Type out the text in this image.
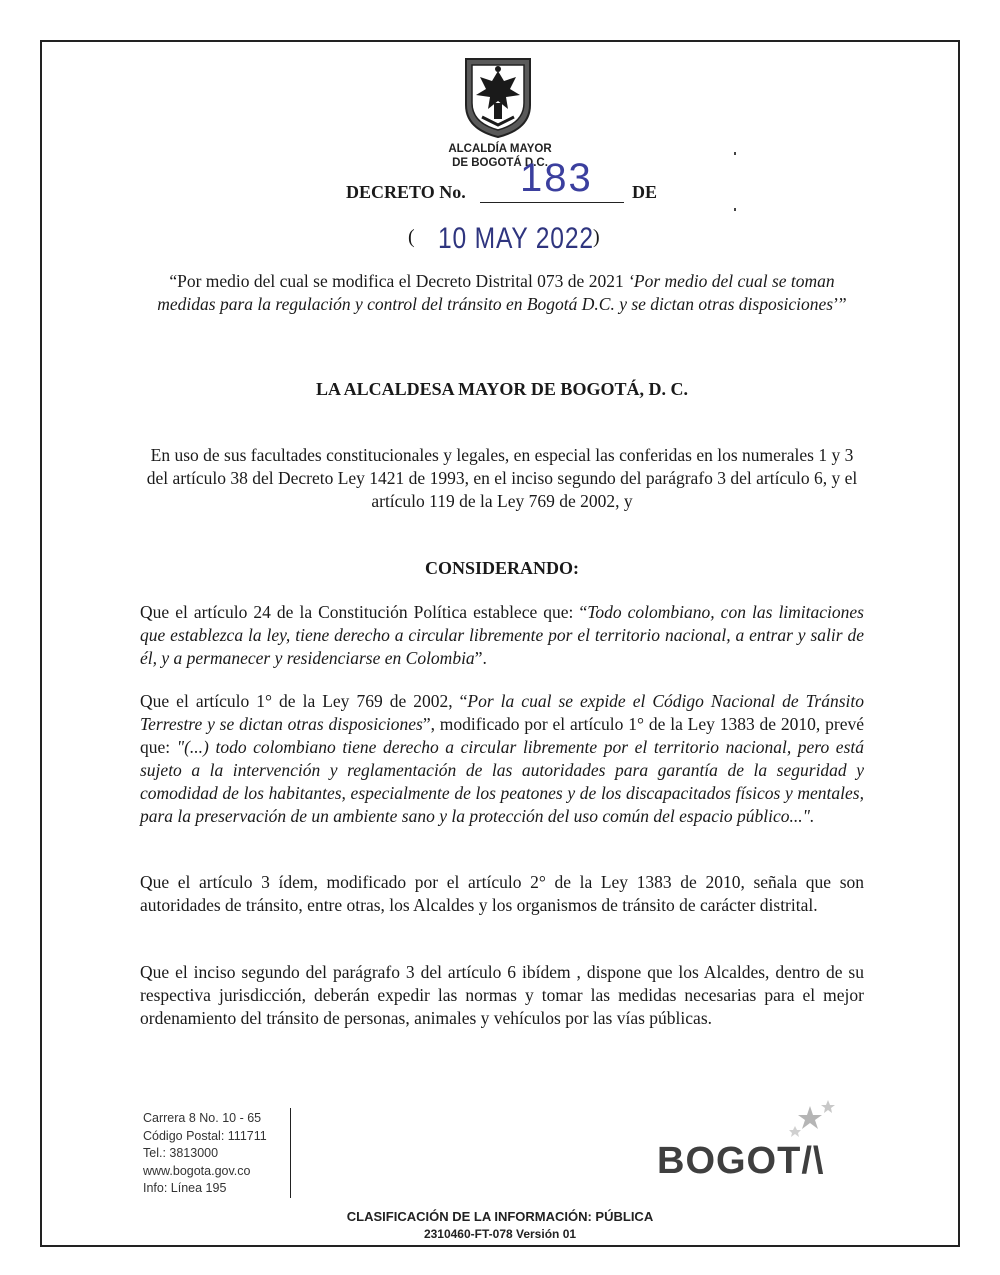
ALCALDÍA MAYOR
DE BOGOTÁ D.C.
DECRETO No. 183 DE
( 10 MAY 2022 )
“Por medio del cual se modifica el Decreto Distrital 073 de 2021 ‘Por medio del cual se toman medidas para la regulación y control del tránsito en Bogotá D.C. y se dictan otras disposiciones’”
LA ALCALDESA MAYOR DE BOGOTÁ, D. C.
En uso de sus facultades constitucionales y legales, en especial las conferidas en los numerales 1 y 3 del artículo 38 del Decreto Ley 1421 de 1993, en el inciso segundo del parágrafo 3 del artículo 6, y el artículo 119 de la Ley 769 de 2002, y
CONSIDERANDO:
Que el artículo 24 de la Constitución Política establece que: “Todo colombiano, con las limitaciones que establezca la ley, tiene derecho a circular libremente por el territorio nacional, a entrar y salir de él, y a permanecer y residenciarse en Colombia”.
Que el artículo 1° de la Ley 769 de 2002, “Por la cual se expide el Código Nacional de Tránsito Terrestre y se dictan otras disposiciones”, modificado por el artículo 1° de la Ley 1383 de 2010, prevé que: "(...) todo colombiano tiene derecho a circular libremente por el territorio nacional, pero está sujeto a la intervención y reglamentación de las autoridades para garantía de la seguridad y comodidad de los habitantes, especialmente de los peatones y de los discapacitados físicos y mentales, para la preservación de un ambiente sano y la protección del uso común del espacio público...".
Que el artículo 3 ídem, modificado por el artículo 2° de la Ley 1383 de 2010, señala que son autoridades de tránsito, entre otras, los Alcaldes y los organismos de tránsito de carácter distrital.
Que el inciso segundo del parágrafo 3 del artículo 6 ibídem , dispone que los Alcaldes, dentro de su respectiva jurisdicción, deberán expedir las normas y tomar las medidas necesarias para el mejor ordenamiento del tránsito de personas, animales y vehículos por las vías públicas.
Carrera 8 No. 10 - 65
Código Postal: 111711
Tel.: 3813000
www.bogota.gov.co
Info: Línea 195
BOGOT/\
CLASIFICACIÓN DE LA INFORMACIÓN: PÚBLICA
2310460-FT-078 Versión 01
